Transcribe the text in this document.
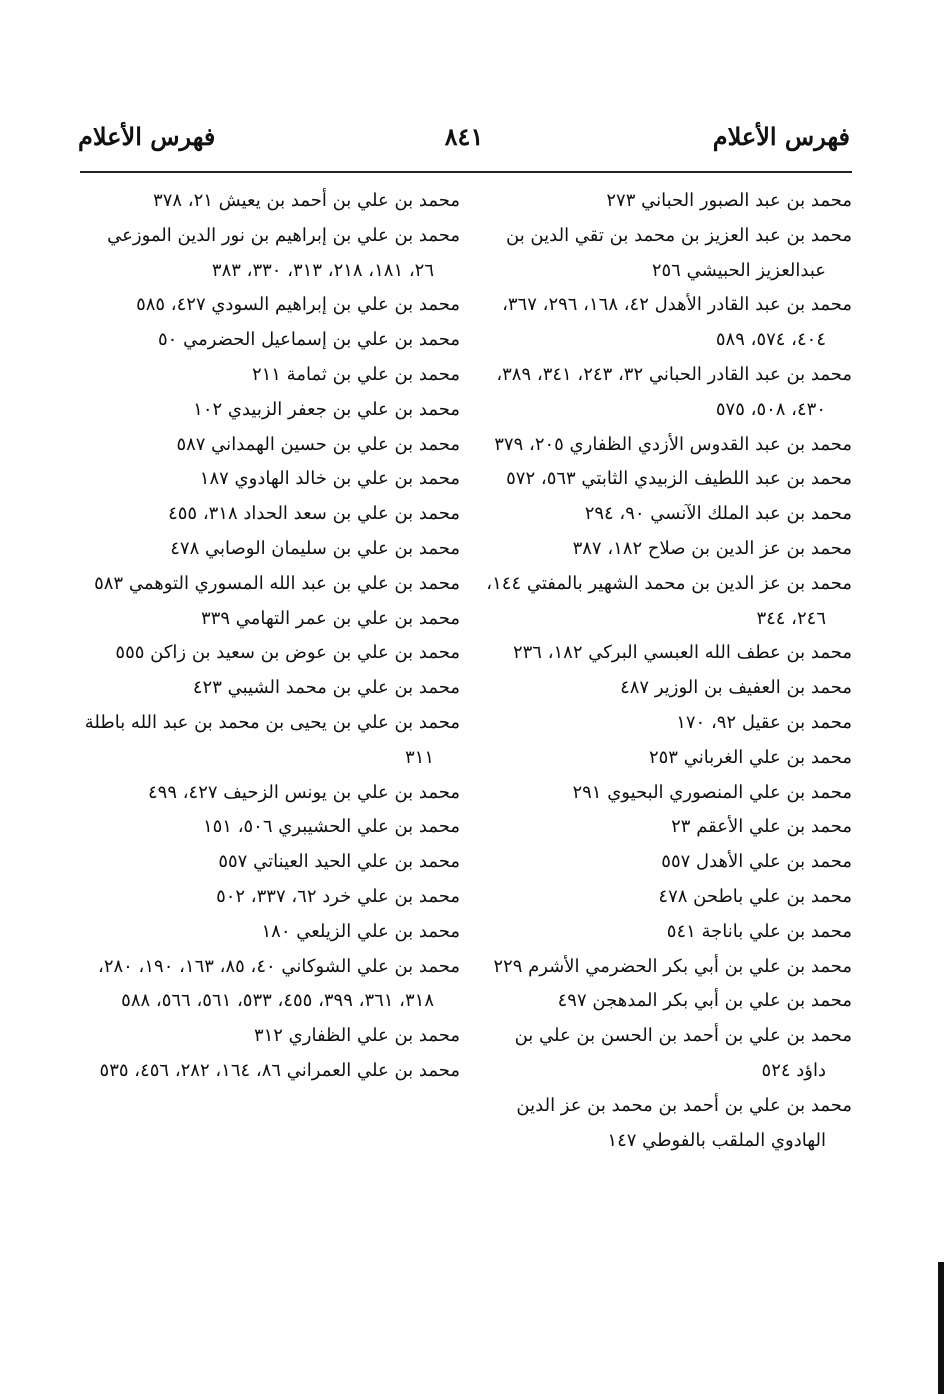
فهرس الأعلام
٨٤١
فهرس الأعلام

محمد بن عبد الصبور الحباني ٢٧٣

محمد بن عبد العزيز بن محمد بن تقي الدين بن عبدالعزيز الحبيشي ٢٥٦

محمد بن عبد القادر الأهدل ٤٢، ١٦٨، ٢٩٦، ٣٦٧، ٤٠٤، ٥٧٤، ٥٨٩

محمد بن عبد القادر الحباني ٣٢، ٢٤٣، ٣٤١، ٣٨٩، ٤٣٠، ٥٠٨، ٥٧٥

محمد بن عبد القدوس الأزدي الظفاري ٢٠٥، ٣٧٩

محمد بن عبد اللطيف الزبيدي الثابتي ٥٦٣، ٥٧٢

محمد بن عبد الملك الآنسي ٩٠، ٢٩٤

محمد بن عز الدين بن صلاح ١٨٢، ٣٨٧

محمد بن عز الدين بن محمد الشهير بالمفتي ١٤٤، ٢٤٦، ٣٤٤

محمد بن عطف الله العبسي البركي ١٨٢، ٢٣٦

محمد بن العفيف بن الوزير ٤٨٧

محمد بن عقيل ٩٢، ١٧٠

محمد بن علي الغرباني ٢٥٣

محمد بن علي المنصوري البحيوي ٢٩١

محمد بن علي الأعقم ٢٣

محمد بن علي الأهدل ٥٥٧

محمد بن علي باطحن ٤٧٨

محمد بن علي باناجة ٥٤١

محمد بن علي بن أبي بكر الحضرمي الأشرم ٢٢٩

محمد بن علي بن أبي بكر المدهجن ٤٩٧

محمد بن علي بن أحمد بن الحسن بن علي بن داؤد ٥٢٤

محمد بن علي بن أحمد بن محمد بن عز الدين الهادوي الملقب بالفوطي ١٤٧

محمد بن علي بن أحمد بن يعيش ٢١، ٣٧٨

محمد بن علي بن إبراهيم بن نور الدين الموزعي ٢٦، ١٨١، ٢١٨، ٣١٣، ٣٣٠، ٣٨٣

محمد بن علي بن إبراهيم السودي ٤٢٧، ٥٨٥

محمد بن علي بن إسماعيل الحضرمي ٥٠

محمد بن علي بن ثمامة ٢١١

محمد بن علي بن جعفر الزبيدي ١٠٢

محمد بن علي بن حسين الهمداني ٥٨٧

محمد بن علي بن خالد الهادوي ١٨٧

محمد بن علي بن سعد الحداد ٣١٨، ٤٥٥

محمد بن علي بن سليمان الوصابي ٤٧٨

محمد بن علي بن عبد الله المسوري التوهمي ٥٨٣

محمد بن علي بن عمر التهامي ٣٣٩

محمد بن علي بن عوض بن سعيد بن زاكن ٥٥٥

محمد بن علي بن محمد الشيبي ٤٢٣

محمد بن علي بن يحيى بن محمد بن عبد الله باطلة ٣١١

محمد بن علي بن يونس الزحيف ٤٢٧، ٤٩٩

محمد بن علي الحشيبري ٥٠٦، ١٥١

محمد بن علي الحيد العيناتي ٥٥٧

محمد بن علي خرد ٦٢، ٣٣٧، ٥٠٢

محمد بن علي الزيلعي ١٨٠

محمد بن علي الشوكاني ٤٠، ٨٥، ١٦٣، ١٩٠، ٢٨٠، ٣١٨، ٣٦١، ٣٩٩، ٤٥٥، ٥٣٣، ٥٦١، ٥٦٦، ٥٨٨

محمد بن علي الظفاري ٣١٢

محمد بن علي العمراني ٨٦، ١٦٤، ٢٨٢، ٤٥٦، ٥٣٥
